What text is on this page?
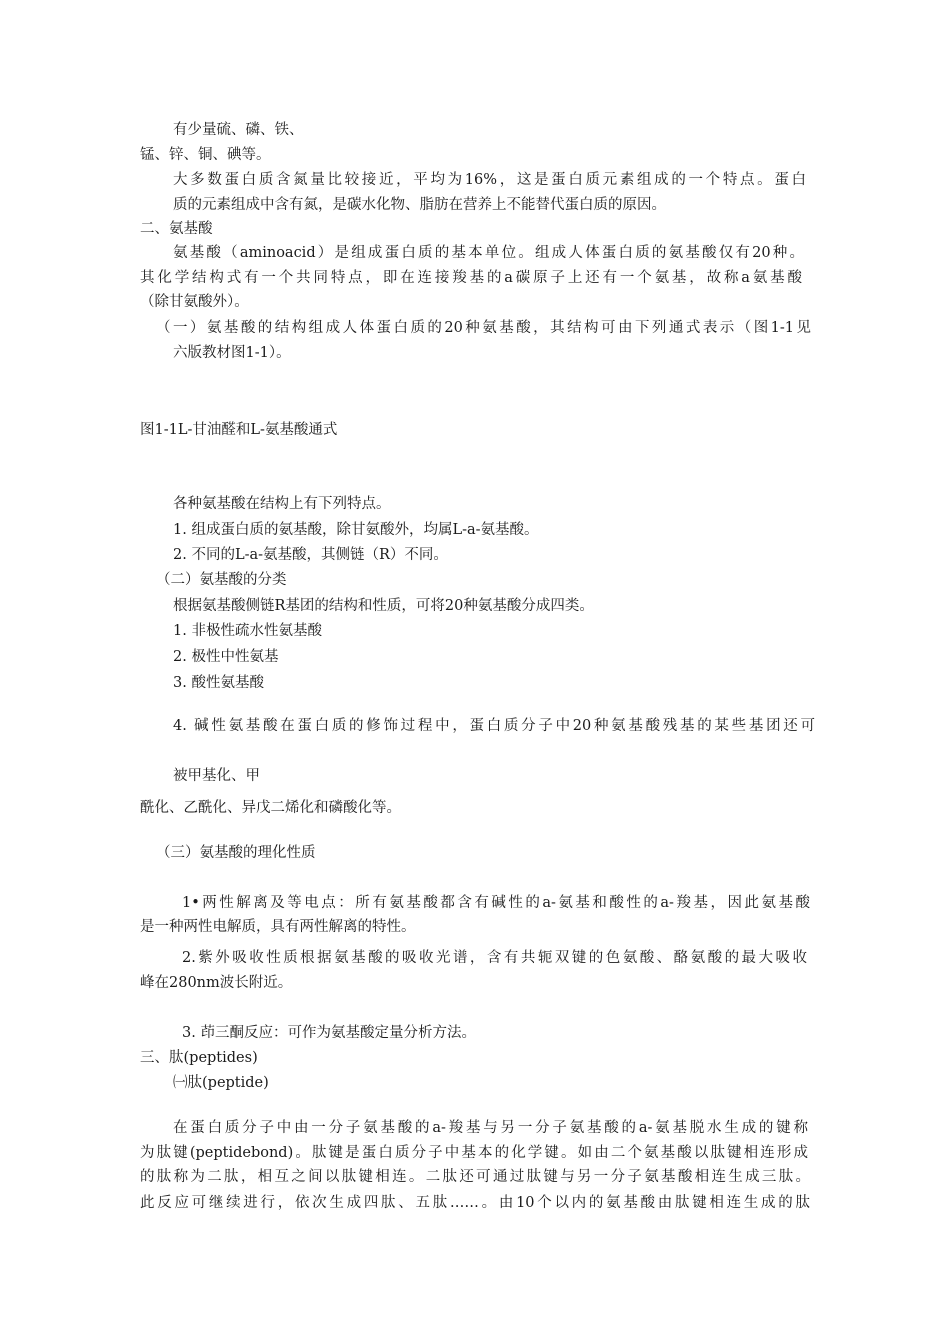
有少量硫、磷、铁、
锰、锌、铜、碘等。
大多数蛋白质含氮量比较接近，平均为16%，这是蛋白质元素组成的一个特点。蛋白
质的元素组成中含有氮，是碳水化物、脂肪在营养上不能替代蛋白质的原因。
二、氨基酸
氨基酸（aminoacid）是组成蛋白质的基本单位。组成人体蛋白质的氨基酸仅有20种。
其化学结构式有一个共同特点，即在连接羧基的a碳原子上还有一个氨基，故称a氨基酸
（除甘氨酸外）。
（一）氨基酸的结构组成人体蛋白质的20种氨基酸，其结构可由下列通式表示（图1-1见
六版教材图1-1）。
图1-1L-甘油醛和L-氨基酸通式
各种氨基酸在结构上有下列特点。
1. 组成蛋白质的氨基酸，除甘氨酸外，均属L-a-氨基酸。
2. 不同的L-a-氨基酸，其侧链（R）不同。
（二）氨基酸的分类
根据氨基酸侧链R基团的结构和性质，可将20种氨基酸分成四类。
1. 非极性疏水性氨基酸
2. 极性中性氨基
3. 酸性氨基酸
4. 碱性氨基酸在蛋白质的修饰过程中，蛋白质分子中20种氨基酸残基的某些基团还可
被甲基化、甲
酰化、乙酰化、异戊二烯化和磷酸化等。
（三）氨基酸的理化性质
1•两性解离及等电点：所有氨基酸都含有碱性的a-氨基和酸性的a-羧基，因此氨基酸
是一种两性电解质，具有两性解离的特性。
2.紫外吸收性质根据氨基酸的吸收光谱，含有共轭双键的色氨酸、酪氨酸的最大吸收
峰在280nm波长附近。
3. 茚三酮反应：可作为氨基酸定量分析方法。
三、肽(peptides)
㈠肽(peptide)
在蛋白质分子中由一分子氨基酸的a-羧基与另一分子氨基酸的a-氨基脱水生成的键称
为肽键(peptidebond)。肽键是蛋白质分子中基本的化学键。如由二个氨基酸以肽键相连形成
的肽称为二肽，相互之间以肽键相连。二肽还可通过肽键与另一分子氨基酸相连生成三肽。
此反应可继续进行，依次生成四肽、五肽……。由10个以内的氨基酸由肽键相连生成的肽
